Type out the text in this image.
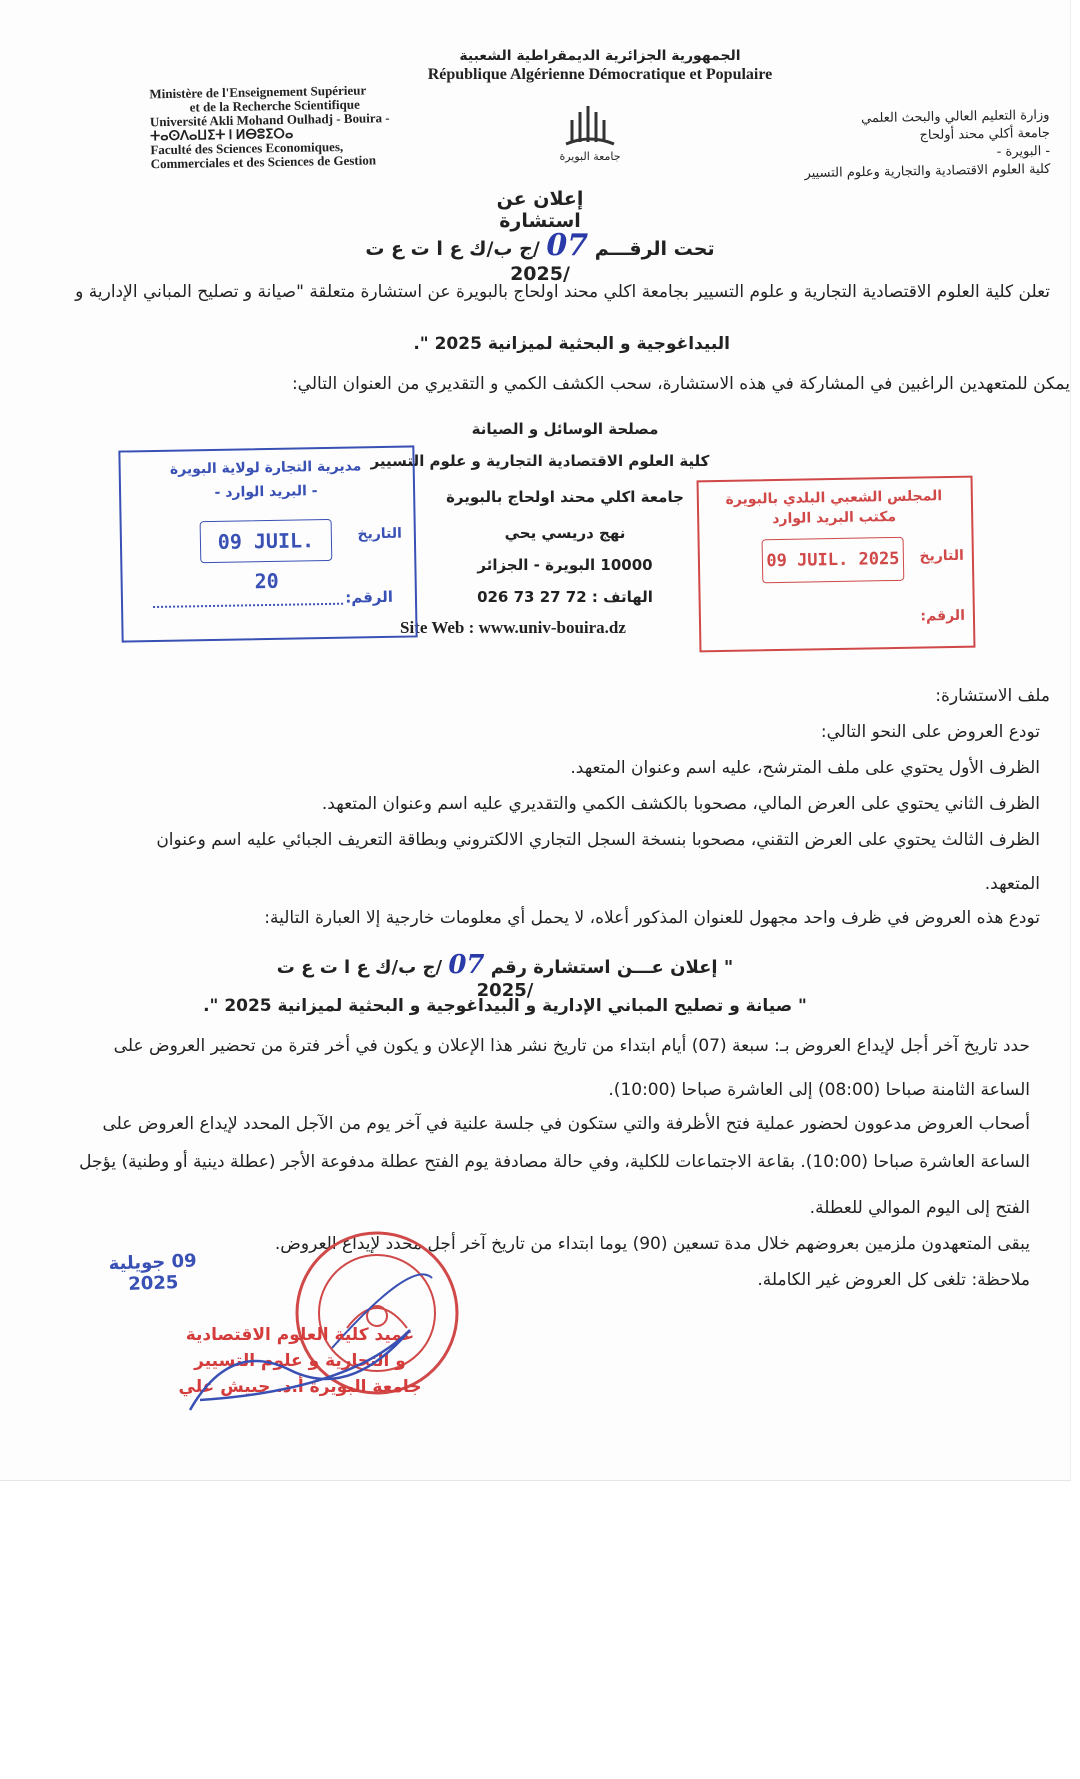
الجمهورية الجزائرية الديمقراطية الشعبية
République Algérienne Démocratique et Populaire
Ministère de l'Enseignement Supérieur
et de la Recherche Scientifique
Université Akli Mohand Oulhadj - Bouira -
ⵜⴰⵙⴷⴰⵡⵉⵜ ⵏ ⵍⴱⵓⵉⵔⴰ
Faculté des Sciences Economiques,
Commerciales et des Sciences de Gestion	جامعة البويرة
وزارة التعليم العالي والبحث العلمي
جامعة أكلي محند أولحاج
- البويرة -
كلية العلوم الاقتصادية والتجارية وعلوم التسيير
إعلان عن استشارة
تحت الرقـــم 07 /ج ب/ك ع ا ت ع ت /2025
تعلن كلية العلوم الاقتصادية التجارية و علوم التسيير بجامعة اكلي محند اولحاج بالبويرة عن استشارة متعلقة "صيانة و تصليح المباني الإدارية و
البيداغوجية و البحثية لميزانية 2025 ".
يمكن للمتعهدين الراغبين في المشاركة في هذه الاستشارة، سحب الكشف الكمي و التقديري من العنوان التالي:
مصلحة الوسائل و الصيانة
كلية العلوم الاقتصادية التجارية و علوم التسيير
جامعة اكلي محند اولحاج بالبويرة
نهج دريسي يحي
10000 البويرة - الجزائر
الهاتف : 026 73 27 72
Site Web : www.univ-bouira.dz
مديرية التجارة لولاية البويرة
- البريد الوارد -
09 JUIL. 20
التاريخ
الرقم:
المجلس الشعبي البلدي بالبويرة
مكتب البريد الوارد
09 JUIL. 2025	التاريخ
الرقم:
ملف الاستشارة:
تودع العروض على النحو التالي:
الظرف الأول يحتوي على ملف المترشح، عليه اسم وعنوان المتعهد.
الظرف الثاني يحتوي على العرض المالي، مصحوبا بالكشف الكمي والتقديري عليه اسم وعنوان المتعهد.
الظرف الثالث يحتوي على العرض التقني، مصحوبا بنسخة السجل التجاري الالكتروني وبطاقة التعريف الجبائي عليه اسم وعنوان
المتعهد.
تودع هذه العروض في ظرف واحد مجهول للعنوان المذكور أعلاه، لا يحمل أي معلومات خارجية إلا العبارة التالية:
" إعلان عـــن استشارة رقم 07 /ج ب/ك ع ا ت ع ت /2025
" صيانة و تصليح المباني الإدارية و البيداغوجية و البحثية لميزانية 2025 ".
حدد تاريخ آخر أجل لإيداع العروض بـ: سبعة (07) أيام ابتداء من تاريخ نشر هذا الإعلان و يكون في أخر فترة من تحضير العروض على
الساعة الثامنة صباحا (08:00) إلى العاشرة صباحا (10:00).
أصحاب العروض مدعوون لحضور عملية فتح الأظرفة والتي ستكون في جلسة علنية في آخر يوم من الآجل المحدد لإيداع العروض على
الساعة العاشرة صباحا (10:00). بقاعة الاجتماعات للكلية، وفي حالة مصادفة يوم الفتح عطلة مدفوعة الأجر (عطلة دينية أو وطنية) يؤجل
الفتح إلى اليوم الموالي للعطلة.
يبقى المتعهدون ملزمين بعروضهم خلال مدة تسعين (90) يوما ابتداء من تاريخ آخر أجل محدد لإيداع العروض.
ملاحظة: تلغى كل العروض غير الكاملة.
09 جويلية 2025
عميد كلية العلوم الاقتصادية
و التجارية و علوم التسيير
جامعة البويرة أ.د. حبيش علي
